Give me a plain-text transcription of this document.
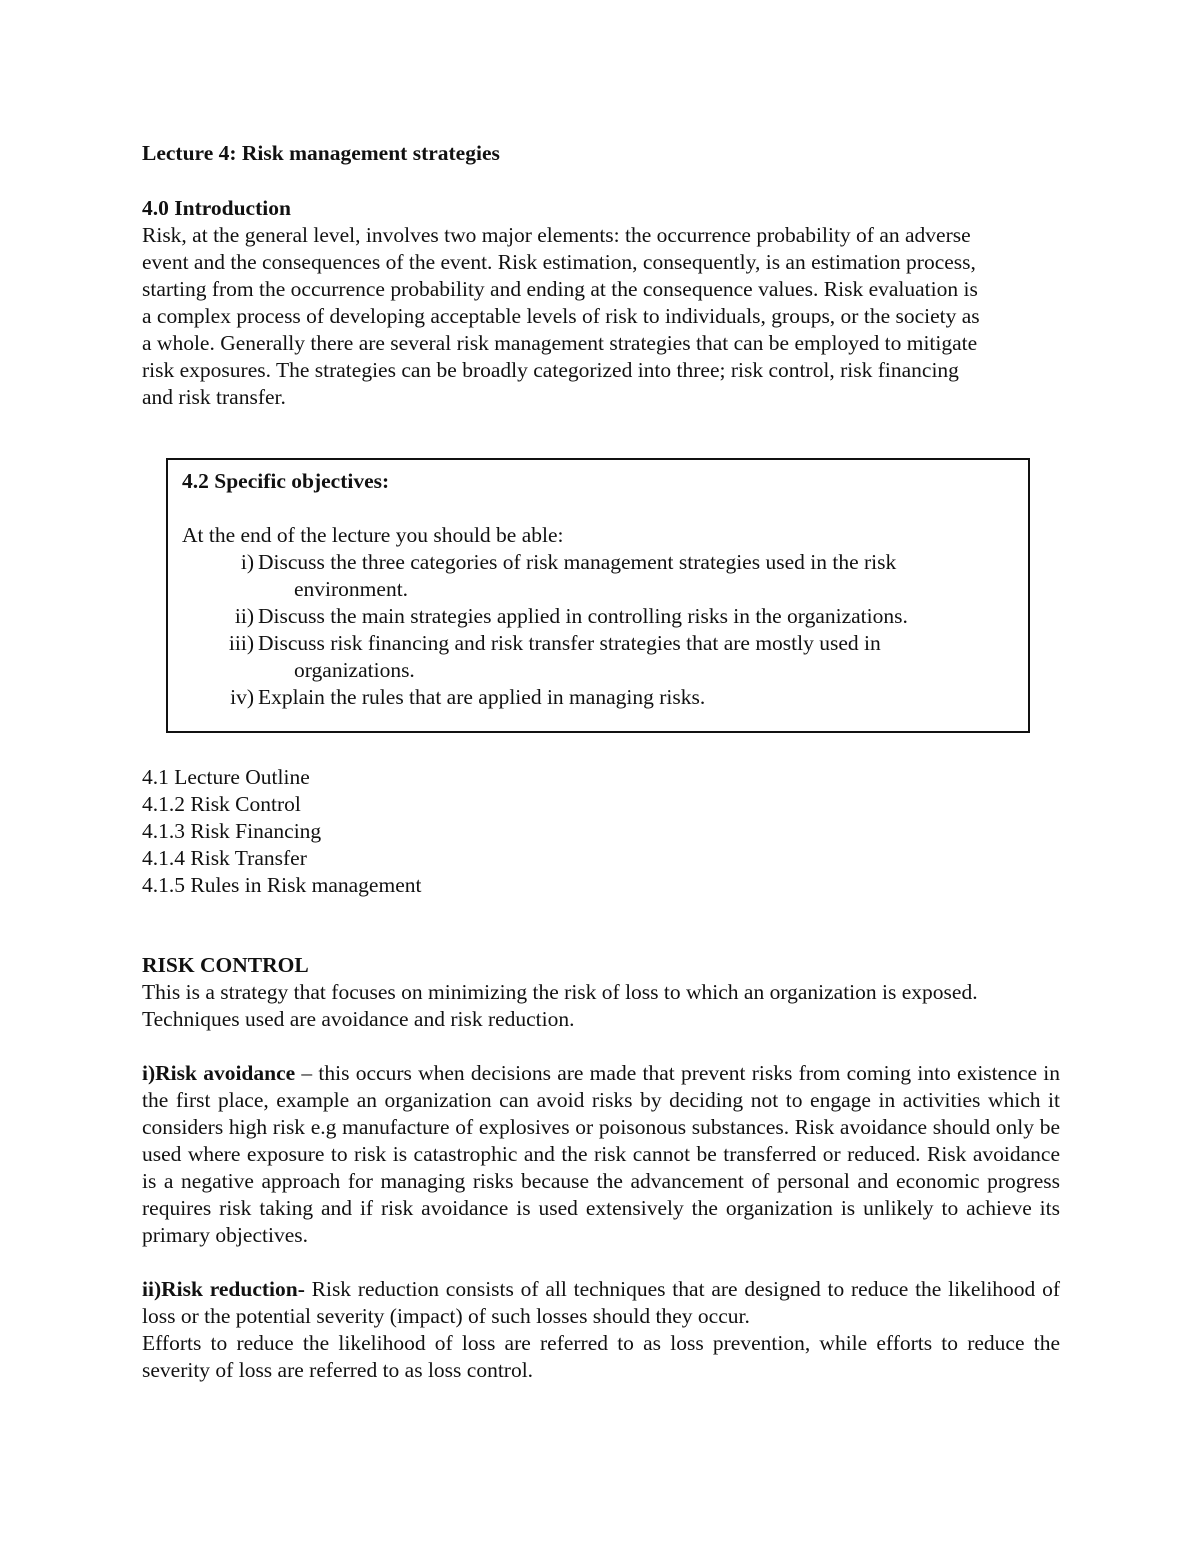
Lecture 4: Risk management strategies

4.0 Introduction

Risk, at the general level, involves two major elements: the occurrence probability of an adverse
event and the consequences of the event. Risk estimation, consequently, is an estimation process,
starting from the occurrence probability and ending at the consequence values. Risk evaluation is
a complex process of developing acceptable levels of risk to individuals, groups, or the society as
a whole. Generally there are several risk management strategies that can be employed to mitigate
risk exposures. The strategies can be broadly categorized into three; risk control, risk financing
and risk transfer.

4.2 Specific objectives:

At the end of the lecture you should be able:

i) Discuss the three categories of risk management strategies used in the risk
environment.
ii) Discuss the main strategies applied in controlling risks in the organizations.
iii) Discuss risk financing and risk transfer strategies that are mostly used in
organizations.
iv) Explain the rules that are applied in managing risks.
4.1 Lecture Outline
4.1.2 Risk Control
4.1.3 Risk Financing
4.1.4 Risk Transfer
4.1.5 Rules in Risk management

RISK CONTROL

This is a strategy that focuses on minimizing the risk of loss to which an organization is exposed.
Techniques used are avoidance and risk reduction.

i)Risk avoidance – this occurs when decisions are made that prevent risks from coming into existence in the first place, example an organization can avoid risks by deciding not to engage in activities which it considers high risk e.g manufacture of explosives or poisonous substances. Risk avoidance should only be used where exposure to risk is catastrophic and the risk cannot be transferred or reduced. Risk avoidance is a negative approach for managing risks because the advancement of personal and economic progress requires risk taking and if risk avoidance is used extensively the organization is unlikely to achieve its primary objectives.

ii)Risk reduction- Risk reduction consists of all techniques that are designed to reduce the likelihood of loss or the potential severity (impact) of such losses should they occur.

Efforts to reduce the likelihood of loss are referred to as loss prevention, while efforts to reduce the severity of loss are referred to as loss control.
